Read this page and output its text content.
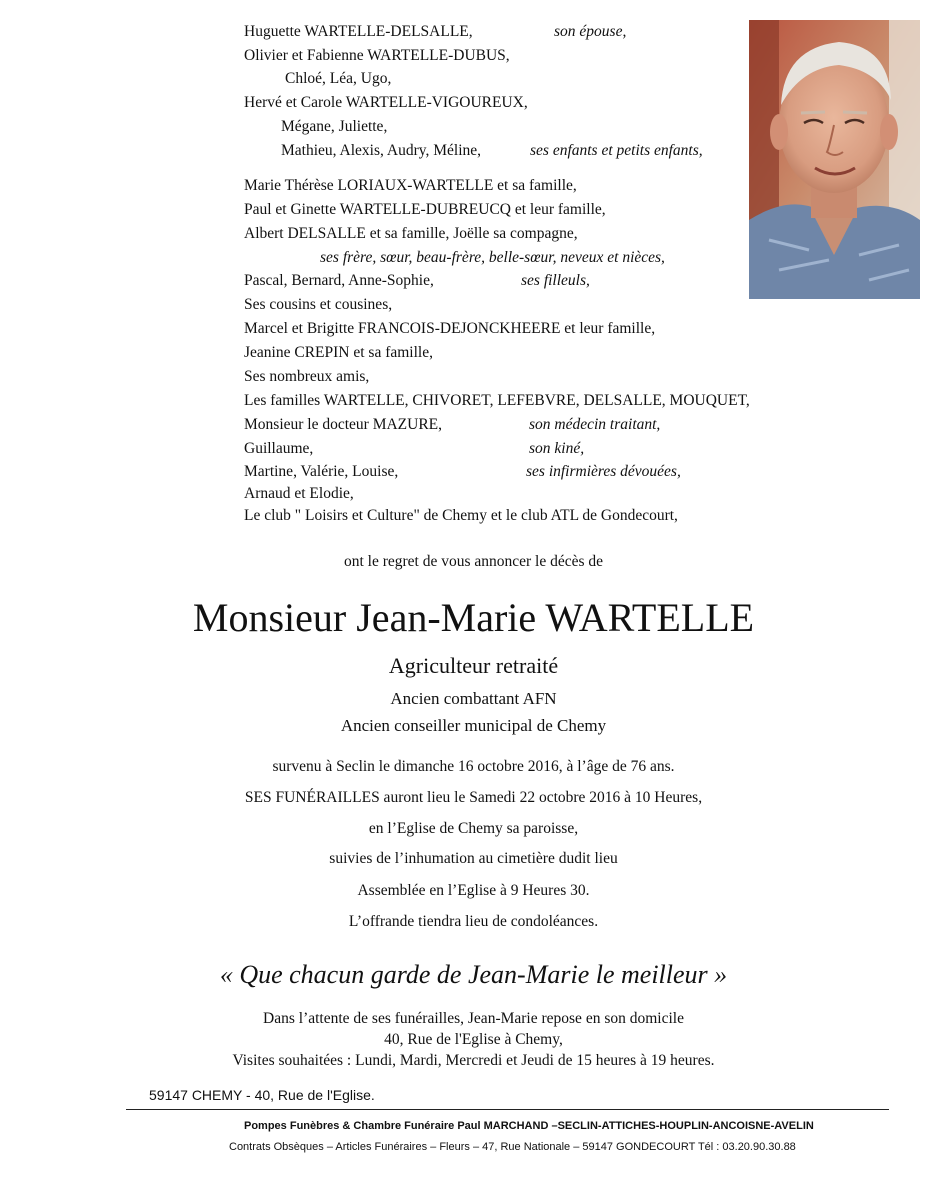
Huguette WARTELLE-DELSALLE,	son épouse,
Olivier et Fabienne WARTELLE-DUBUS,
Chloé, Léa, Ugo,
Hervé et Carole WARTELLE-VIGOUREUX,
Mégane, Juliette,
Mathieu, Alexis, Audry, Méline,	ses enfants et petits enfants,
Marie Thérèse LORIAUX-WARTELLE et sa famille,
Paul et Ginette WARTELLE-DUBREUCQ et leur famille,
Albert DELSALLE et sa famille, Joëlle sa compagne,
ses frère, sœur, beau-frère, belle-sœur, neveux et nièces,
Pascal, Bernard, Anne-Sophie,	ses filleuls,
Ses cousins et cousines,
Marcel et Brigitte FRANCOIS-DEJONCKHEERE et leur famille,
Jeanine CREPIN et sa famille,
Ses nombreux amis,
Les familles WARTELLE, CHIVORET, LEFEBVRE, DELSALLE, MOUQUET,
Monsieur le docteur MAZURE,	son médecin traitant,
Guillaume,	son kiné,
Martine, Valérie, Louise,	ses infirmières dévouées,
Arnaud et Elodie,
Le club " Loisirs et Culture" de Chemy et le club ATL de Gondecourt,
ont le regret de vous annoncer le décès de
Monsieur Jean-Marie WARTELLE
Agriculteur retraité
Ancien combattant AFN
Ancien conseiller municipal de Chemy
survenu à Seclin le dimanche 16 octobre 2016, à l’âge de 76 ans.
SES FUNÉRAILLES auront lieu le Samedi 22 octobre 2016 à 10 Heures,
en l’Eglise de Chemy sa paroisse,
suivies de l’inhumation au cimetière dudit lieu
Assemblée en l’Eglise à 9 Heures 30.
L’offrande tiendra lieu de condoléances.
« Que chacun garde de Jean-Marie le meilleur »
Dans l’attente de ses funérailles, Jean-Marie repose en son domicile
40, Rue de l'Eglise à Chemy,
Visites souhaitées : Lundi, Mardi, Mercredi et Jeudi de 15 heures à 19 heures.
59147 CHEMY - 40, Rue de l'Eglise.
Pompes Funèbres & Chambre Funéraire Paul MARCHAND –SECLIN-ATTICHES-HOUPLIN-ANCOISNE-AVELIN
Contrats Obsèques – Articles Funéraires – Fleurs – 47, Rue Nationale – 59147 GONDECOURT Tél : 03.20.90.30.88
